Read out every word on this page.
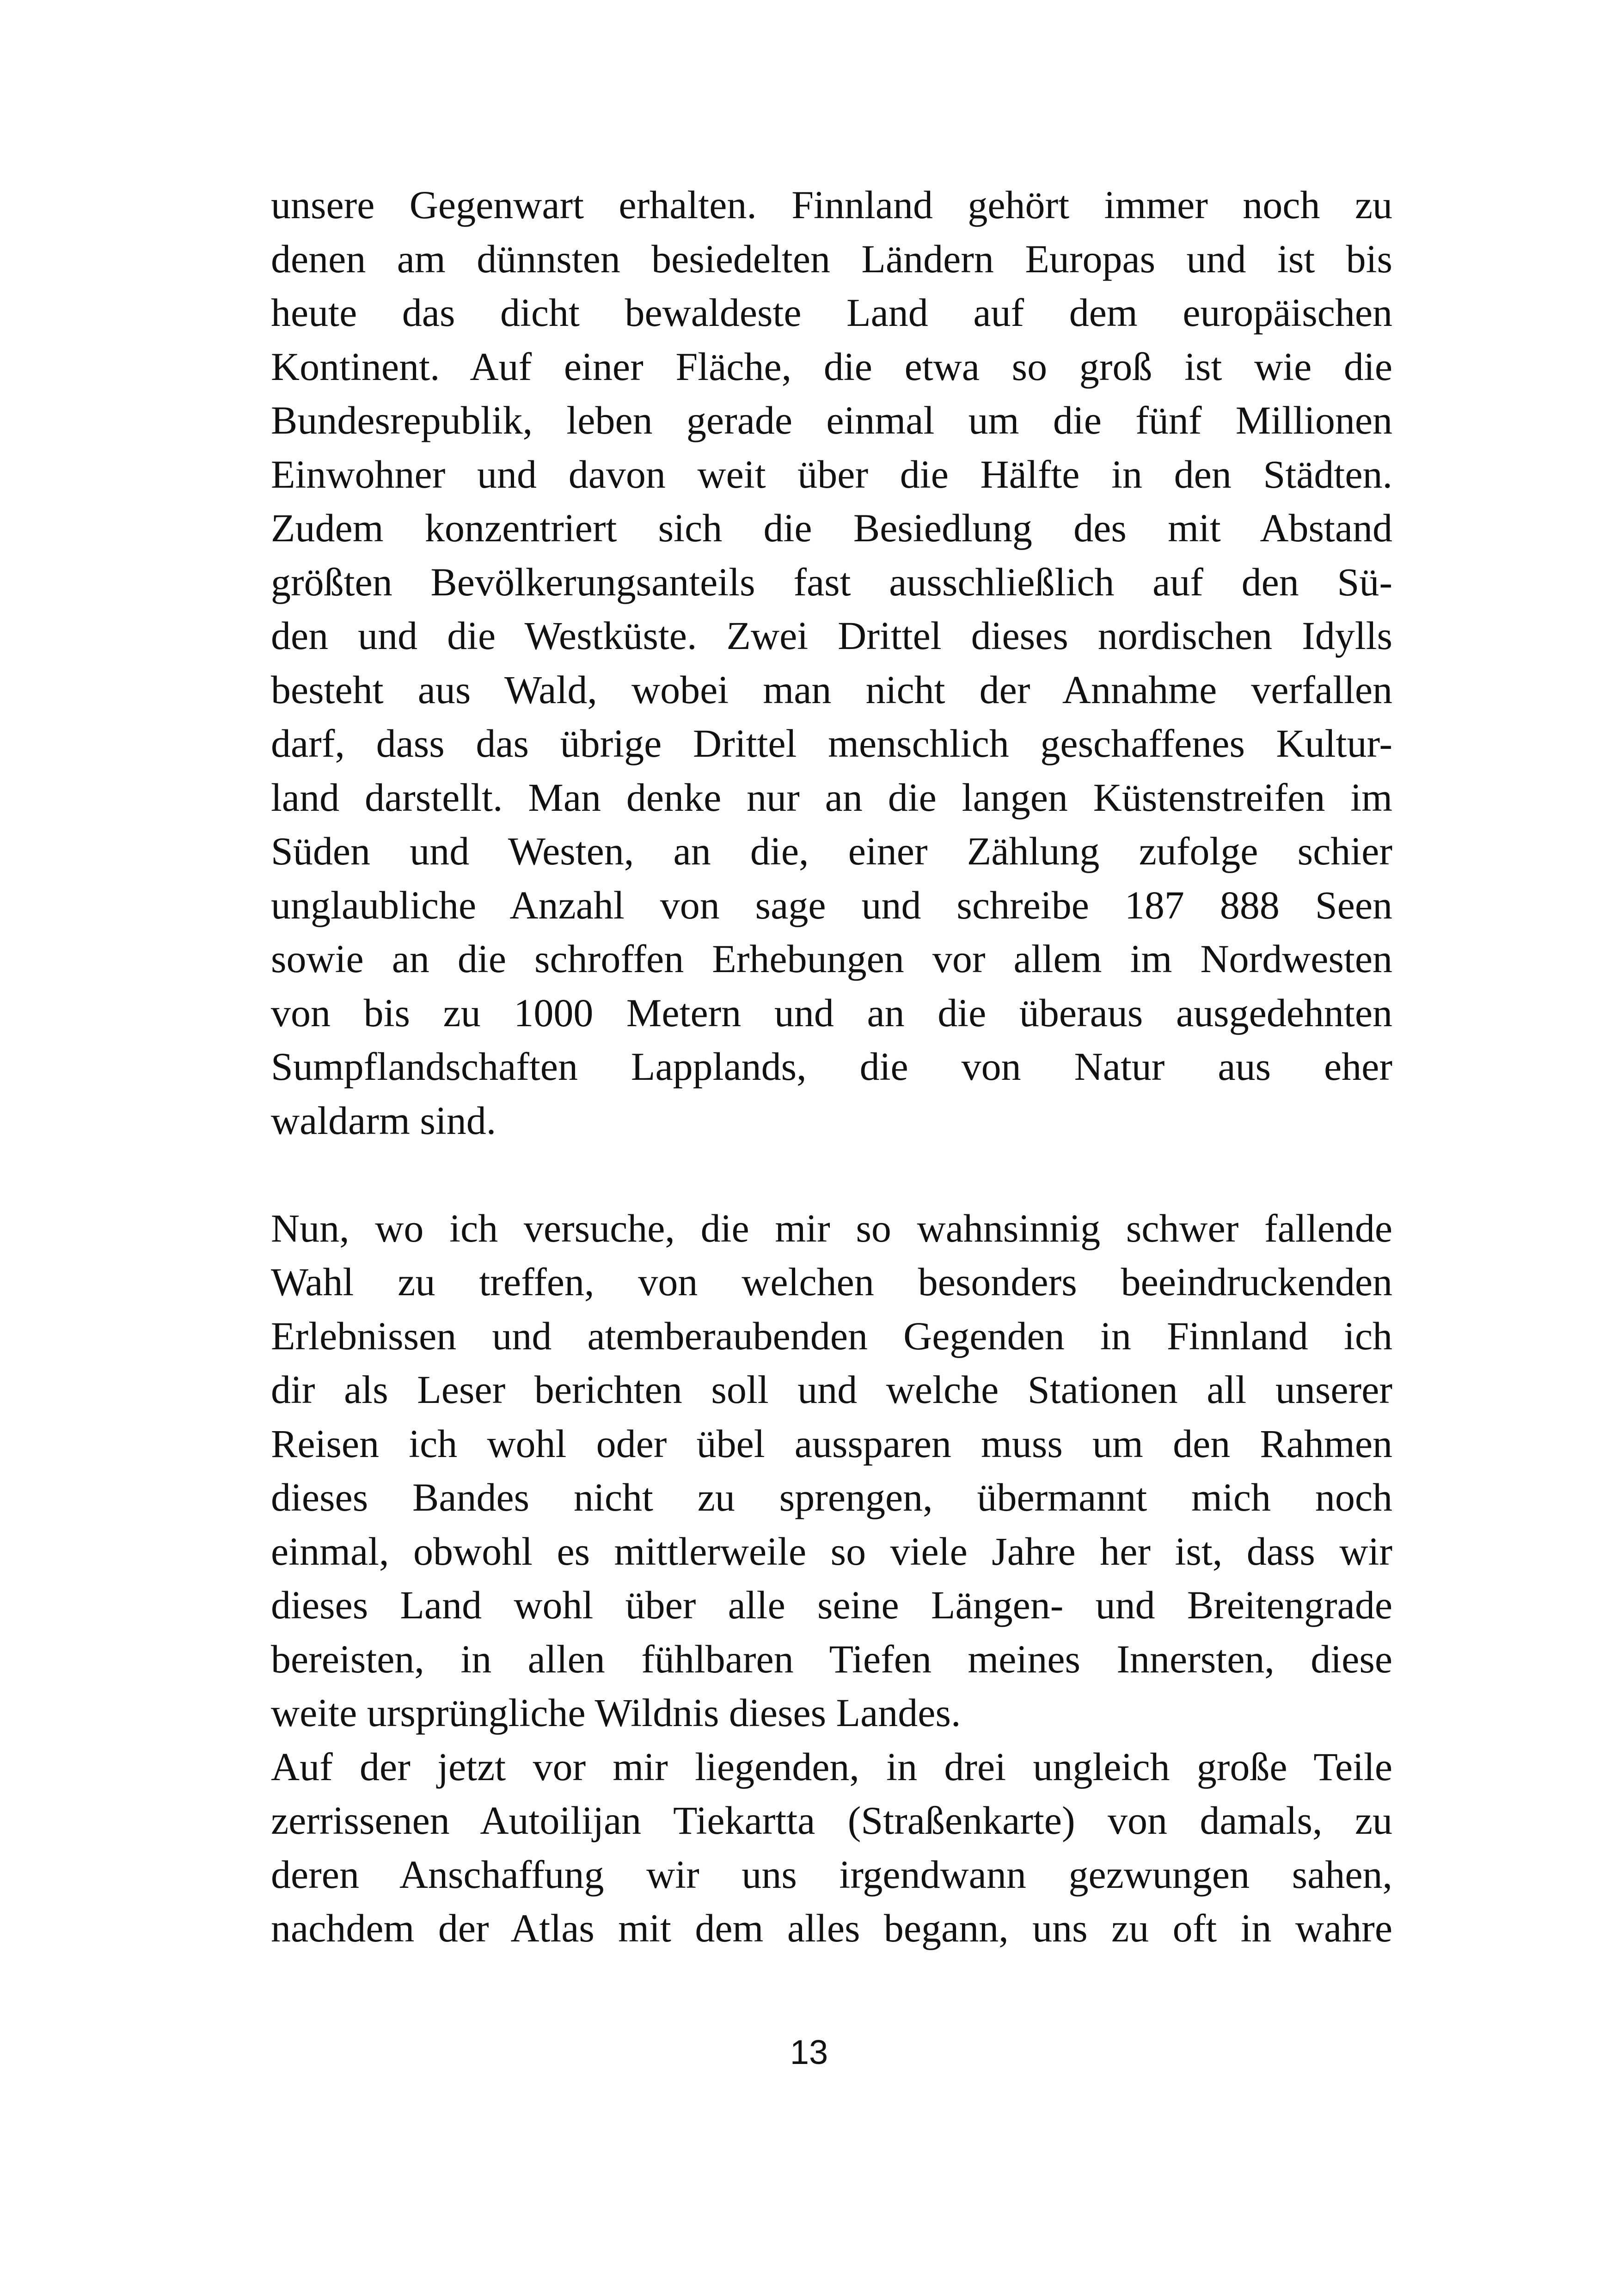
unsere Gegenwart erhalten. Finnland gehört immer noch zu
denen am dünnsten besiedelten Ländern Europas und ist bis
heute das dicht bewaldeste Land auf dem europäischen
Kontinent. Auf einer Fläche, die etwa so groß ist wie die
Bundesrepublik, leben gerade einmal um die fünf Millionen
Einwohner und davon weit über die Hälfte in den Städten.
Zudem konzentriert sich die Besiedlung des mit Abstand
größten Bevölkerungsanteils fast ausschließlich auf den Sü-
den und die Westküste. Zwei Drittel dieses nordischen Idylls
besteht aus Wald, wobei man nicht der Annahme verfallen
darf, dass das übrige Drittel menschlich geschaffenes Kultur-
land darstellt. Man denke nur an die langen Küstenstreifen im
Süden und Westen, an die, einer Zählung zufolge schier
unglaubliche Anzahl von sage und schreibe 187 888 Seen
sowie an die schroffen Erhebungen vor allem im Nordwesten
von bis zu 1000 Metern und an die überaus ausgedehnten
Sumpflandschaften Lapplands, die von Natur aus eher
waldarm sind.
Nun, wo ich versuche, die mir so wahnsinnig schwer fallende
Wahl zu treffen, von welchen besonders beeindruckenden
Erlebnissen und atemberaubenden Gegenden in Finnland ich
dir als Leser berichten soll und welche Stationen all unserer
Reisen ich wohl oder übel aussparen muss um den Rahmen
dieses Bandes nicht zu sprengen, übermannt mich noch
einmal, obwohl es mittlerweile so viele Jahre her ist, dass wir
dieses Land wohl über alle seine Längen- und Breitengrade
bereisten, in allen fühlbaren Tiefen meines Innersten, diese
weite ursprüngliche Wildnis dieses Landes.
Auf der jetzt vor mir liegenden, in drei ungleich große Teile
zerrissenen Autoilijan Tiekartta (Straßenkarte) von damals, zu
deren Anschaffung wir uns irgendwann gezwungen sahen,
nachdem der Atlas mit dem alles begann, uns zu oft in wahre
13
